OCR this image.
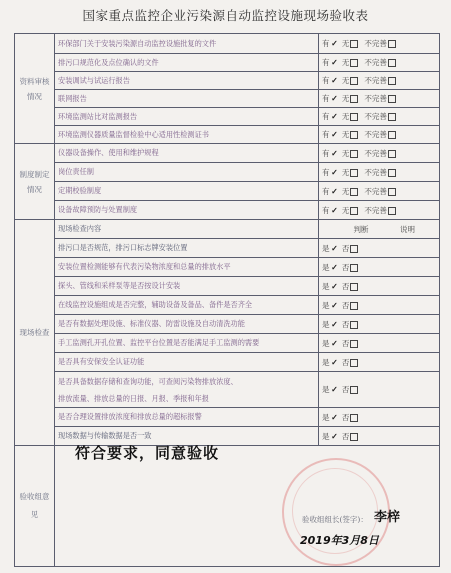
国家重点监控企业污染源自动监控设施现场验收表
资料审核情况	环保部门关于安装污染源自动监控设施批复的文件	有 ✓ 无 不完善
	排污口规范化及点位确认的文件	有 ✓ 无 不完善
	安装调试与试运行报告	有 ✓ 无 不完善
	联网报告	有 ✓ 无 不完善
	环境监测站比对监测报告	有 ✓ 无 不完善
	环境监测仪器质量监督检验中心适用性检测证书	有 ✓ 无 不完善
制度制定情况	仪器设备操作、使用和维护规程	有 ✓ 无 不完善
	岗位责任制	有 ✓ 无 不完善
	定期校验制度	有 ✓ 无 不完善
	设备故障预防与处置制度	有 ✓ 无 不完善
现场检查	现场检查内容	判断 说明
	排污口是否规范，排污口标志牌安装位置	是 ✓ 否
	安装位置检测能够有代表污染物浓度和总量的排放水平	是 ✓ 否
	探头、管线和采样泵等是否按设计安装	是 ✓ 否
	在线监控设施组成是否完整，辅助设备及备品、备件是否齐全	是 ✓ 否
	是否有数据处理设施、标准仪器、防雷设施及自动清洗功能	是 ✓ 否
	手工监测孔开孔位置、监控平台位置是否能满足手工监测的需要	是 ✓ 否
	是否具有安保安全认证功能	是 ✓ 否
	是否具备数据存储和查询功能，可查阅污染物排放浓度、
排放流量、排放总量的日报、月报、季报和年报	是 ✓ 否
	是否合理设置排放浓度和排放总量的超标报警	是 ✓ 否
	现场数据与传输数据是否一致	是 ✓ 否
验收组意见		
符合要求，同意验收
验收组组长(签字)： 李梓
2019年3月8日
